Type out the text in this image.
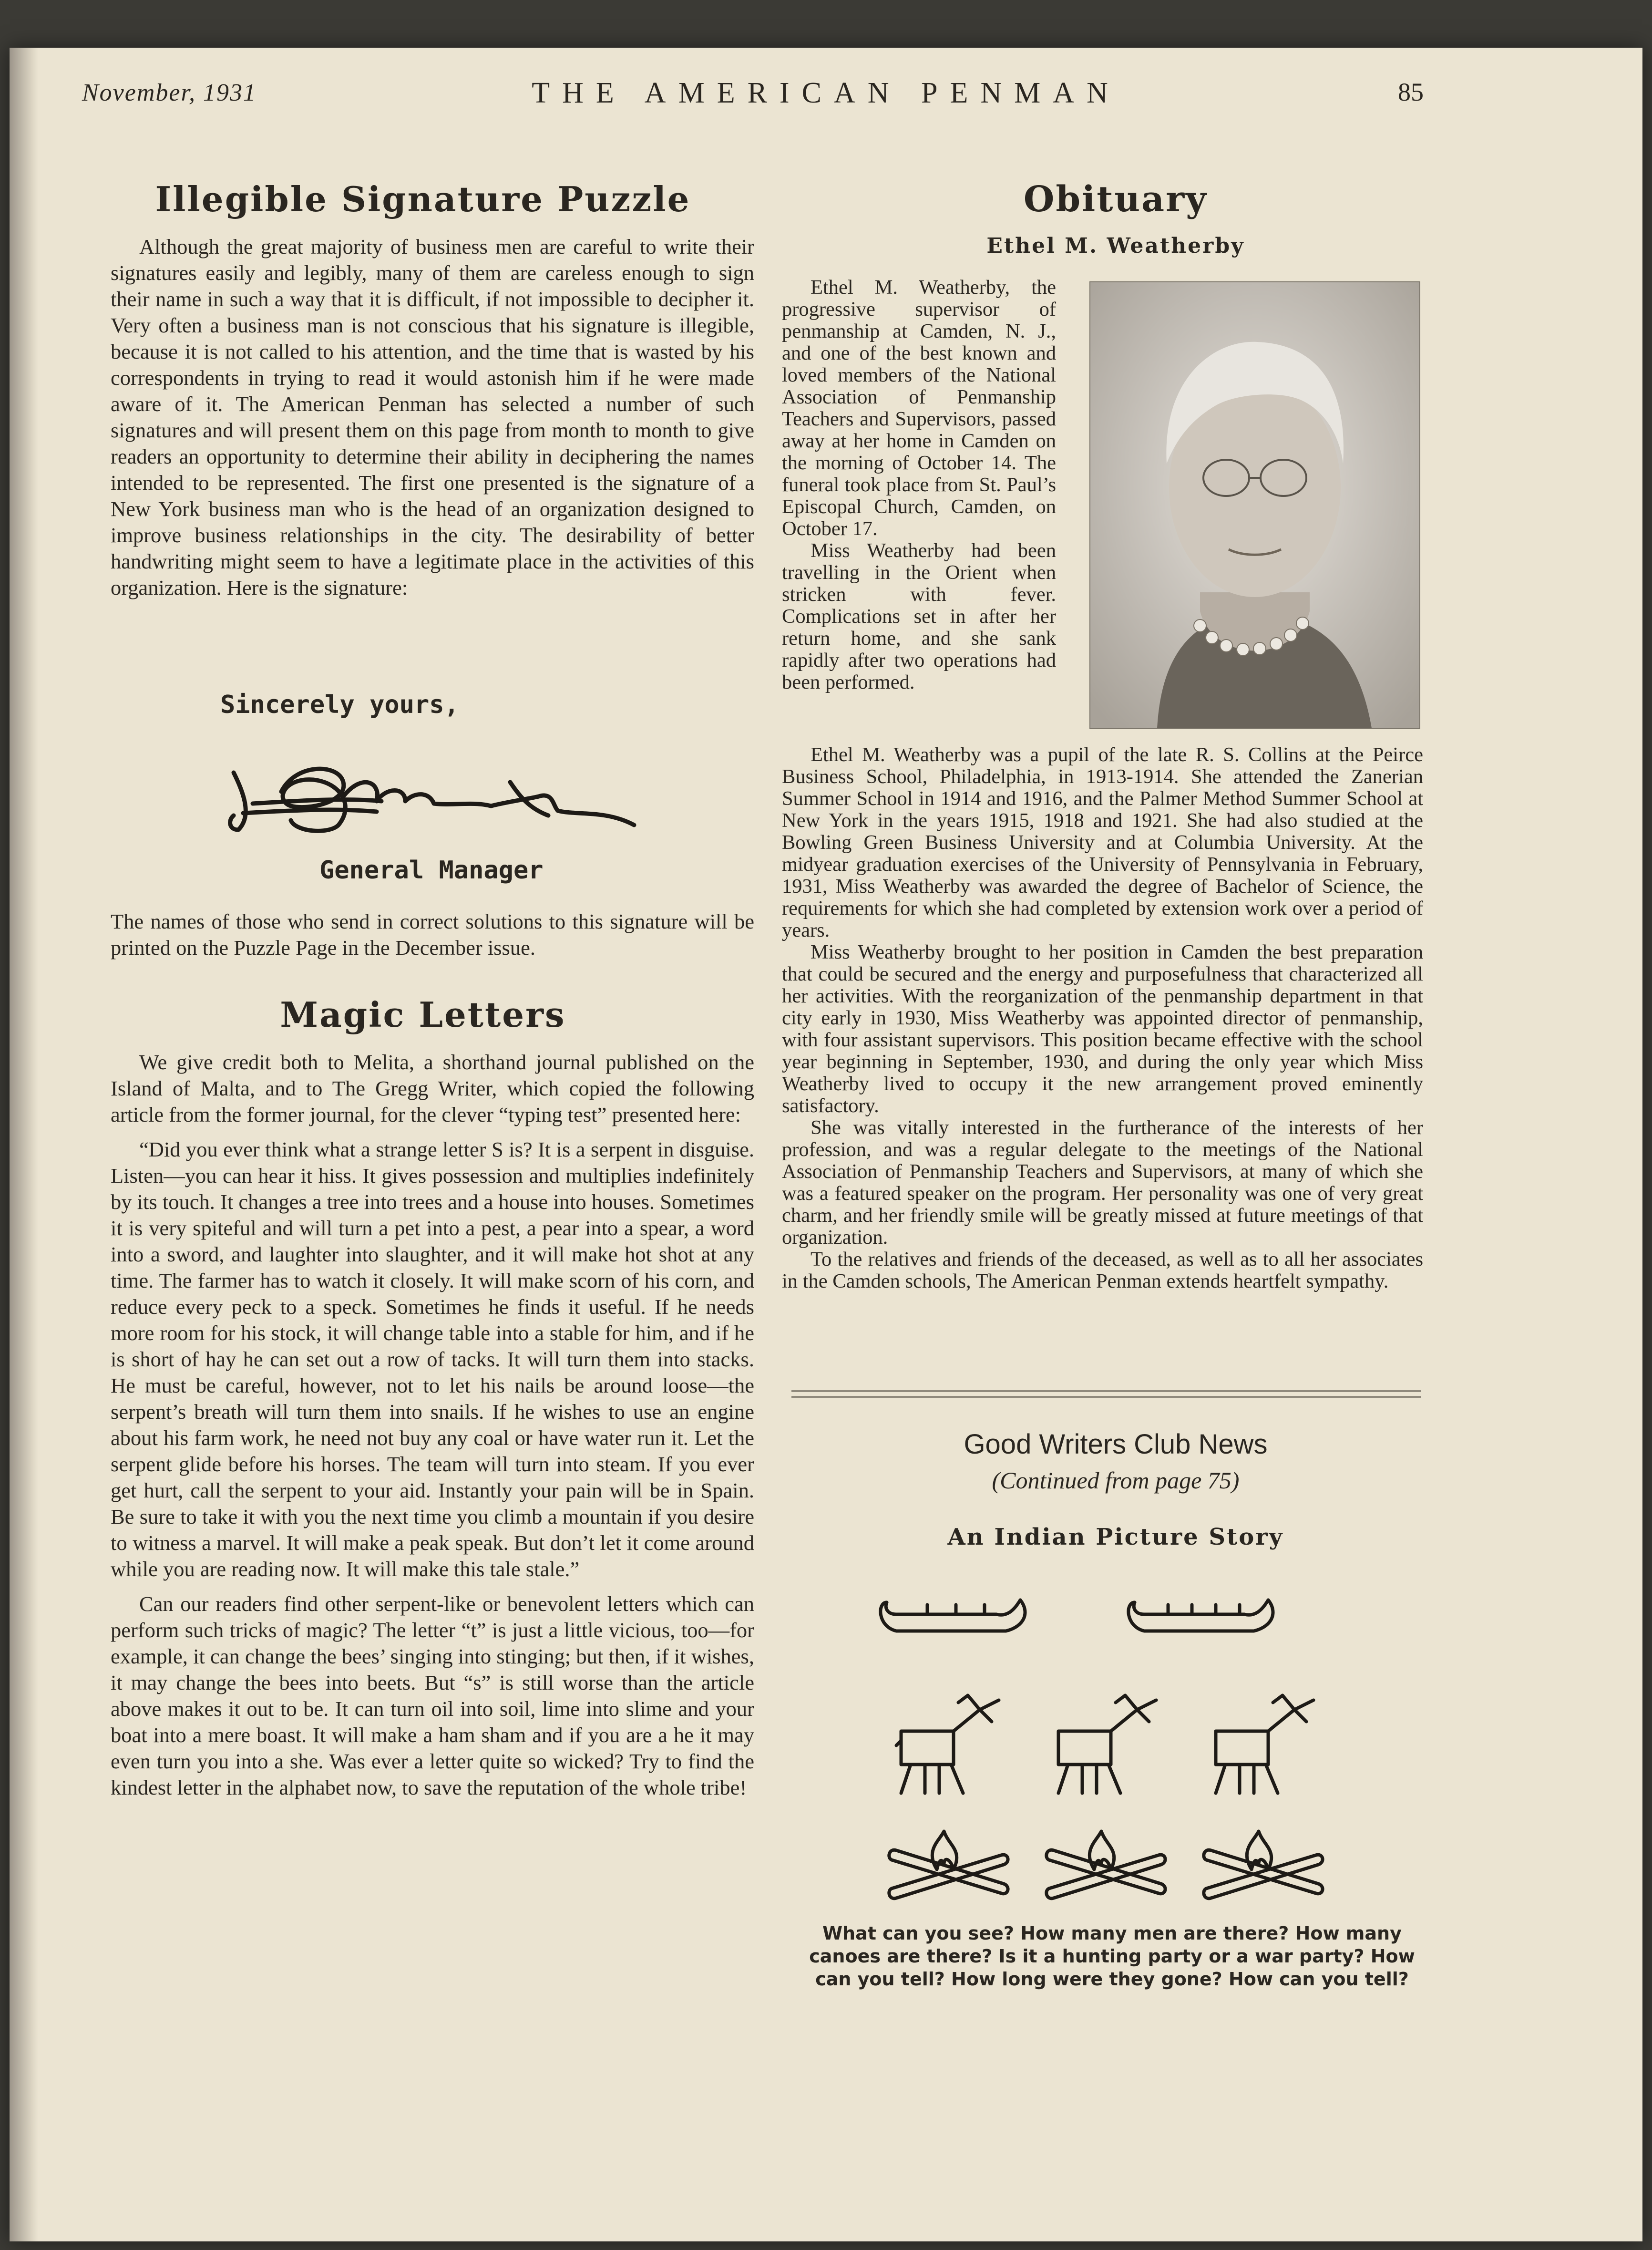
November, 1931	THE AMERICAN PENMAN	85
Illegible Signature Puzzle

Although the great majority of business men are careful to write their signatures easily and legibly, many of them are careless enough to sign their name in such a way that it is difficult, if not impossible to decipher it. Very often a business man is not conscious that his signature is illegible, because it is not called to his attention, and the time that is wasted by his correspondents in trying to read it would astonish him if he were made aware of it. The American Penman has selected a number of such signatures and will present them on this page from month to month to give readers an opportunity to determine their ability in deciphering the names intended to be represented. The first one presented is the signature of a New York business man who is the head of an organization designed to improve business relationships in the city. The desirability of better handwriting might seem to have a legitimate place in the activities of this organization. Here is the signature:

Sincerely yours,
General Manager

The names of those who send in correct solutions to this signature will be printed on the Puzzle Page in the December issue.

Magic Letters

We give credit both to Melita, a shorthand journal published on the Island of Malta, and to The Gregg Writer, which copied the following article from the former journal, for the clever “typing test” presented here:

“Did you ever think what a strange letter S is? It is a serpent in disguise. Listen—you can hear it hiss. It gives possession and multiplies indefinitely by its touch. It changes a tree into trees and a house into houses. Sometimes it is very spiteful and will turn a pet into a pest, a pear into a spear, a word into a sword, and laughter into slaughter, and it will make hot shot at any time. The farmer has to watch it closely. It will make scorn of his corn, and reduce every peck to a speck. Sometimes he finds it useful. If he needs more room for his stock, it will change table into a stable for him, and if he is short of hay he can set out a row of tacks. It will turn them into stacks. He must be careful, however, not to let his nails be around loose—the serpent’s breath will turn them into snails. If he wishes to use an engine about his farm work, he need not buy any coal or have water run it. Let the serpent glide before his horses. The team will turn into steam. If you ever get hurt, call the serpent to your aid. Instantly your pain will be in Spain. Be sure to take it with you the next time you climb a mountain if you desire to witness a marvel. It will make a peak speak. But don’t let it come around while you are reading now. It will make this tale stale.”

Can our readers find other serpent-like or benevolent letters which can perform such tricks of magic? The letter “t” is just a little vicious, too—for example, it can change the bees’ singing into stinging; but then, if it wishes, it may change the bees into beets. But “s” is still worse than the article above makes it out to be. It can turn oil into soil, lime into slime and your boat into a mere boast. It will make a ham sham and if you are a he it may even turn you into a she. Was ever a letter quite so wicked? Try to find the kindest letter in the alphabet now, to save the reputation of the whole tribe!

Obituary
Ethel M. Weatherby

Ethel M. Weatherby, the progressive supervisor of penmanship at Camden, N. J., and one of the best known and loved members of the National Association of Penmanship Teachers and Supervisors, passed away at her home in Camden on the morning of October 14. The funeral took place from St. Paul’s Episcopal Church, Camden, on October 17.

Miss Weatherby had been travelling in the Orient when stricken with fever. Complications set in after her return home, and she sank rapidly after two operations had been performed.

Ethel M. Weatherby was a pupil of the late R. S. Collins at the Peirce Business School, Philadelphia, in 1913-1914. She attended the Zanerian Summer School in 1914 and 1916, and the Palmer Method Summer School at New York in the years 1915, 1918 and 1921. She had also studied at the Bowling Green Business University and at Columbia University. At the midyear graduation exercises of the University of Pennsylvania in February, 1931, Miss Weatherby was awarded the degree of Bachelor of Science, the requirements for which she had completed by extension work over a period of years.

Miss Weatherby brought to her position in Camden the best preparation that could be secured and the energy and purposefulness that characterized all her activities. With the reorganization of the penmanship department in that city early in 1930, Miss Weatherby was appointed director of penmanship, with four assistant supervisors. This position became effective with the school year beginning in September, 1930, and during the only year which Miss Weatherby lived to occupy it the new arrangement proved eminently satisfactory.

She was vitally interested in the furtherance of the interests of her profession, and was a regular delegate to the meetings of the National Association of Penmanship Teachers and Supervisors, at many of which she was a featured speaker on the program. Her personality was one of very great charm, and her friendly smile will be greatly missed at future meetings of that organization.

To the relatives and friends of the deceased, as well as to all her associates in the Camden schools, The American Penman extends heartfelt sympathy.

Good Writers Club News
(Continued from page 75)
An Indian Picture Story
What can you see? How many men are there? How many canoes are there? Is it a hunting party or a war party? How can you tell? How long were they gone? How can you tell?
